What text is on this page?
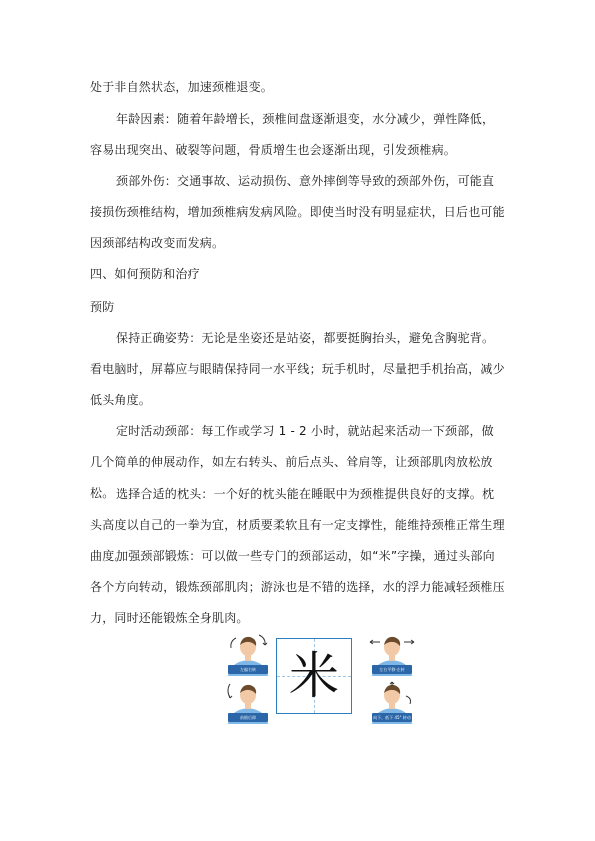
处于非自然状态，加速颈椎退变。

年龄因素：随着年龄增长，颈椎间盘逐渐退变，水分减少，弹性降低，容易出现突出、破裂等问题，骨质增生也会逐渐出现，引发颈椎病。

颈部外伤：交通事故、运动损伤、意外摔倒等导致的颈部外伤，可能直接损伤颈椎结构，增加颈椎病发病风险。即使当时没有明显症状，日后也可能因颈部结构改变而发病。

四、如何预防和治疗

预防

保持正确姿势：无论是坐姿还是站姿，都要挺胸抬头，避免含胸驼背。看电脑时，屏幕应与眼睛保持同一水平线；玩手机时，尽量把手机抬高，减少低头角度。

定时活动颈部：每工作或学习 1 - 2 小时，就站起来活动一下颈部，做几个简单的伸展动作，如左右转头、前后点头、耸肩等，让颈部肌肉放松放松。 选择合适的枕头：一个好的枕头能在睡眠中为颈椎提供良好的支撑。枕头高度以自己的一拳为宜，材质要柔软且有一定支撑性，能维持颈椎正常生理曲度。

加强颈部锻炼：可以做一些专门的颈部运动，如“米”字操，通过头部向各个方向转动，锻炼颈部肌肉；游泳也是不错的选择，水的浮力能减轻颈椎压力，同时还能锻炼全身肌肉。

米
左偏右转	左右平移·左转
前俯后仰	向下、低下 45° 转动
